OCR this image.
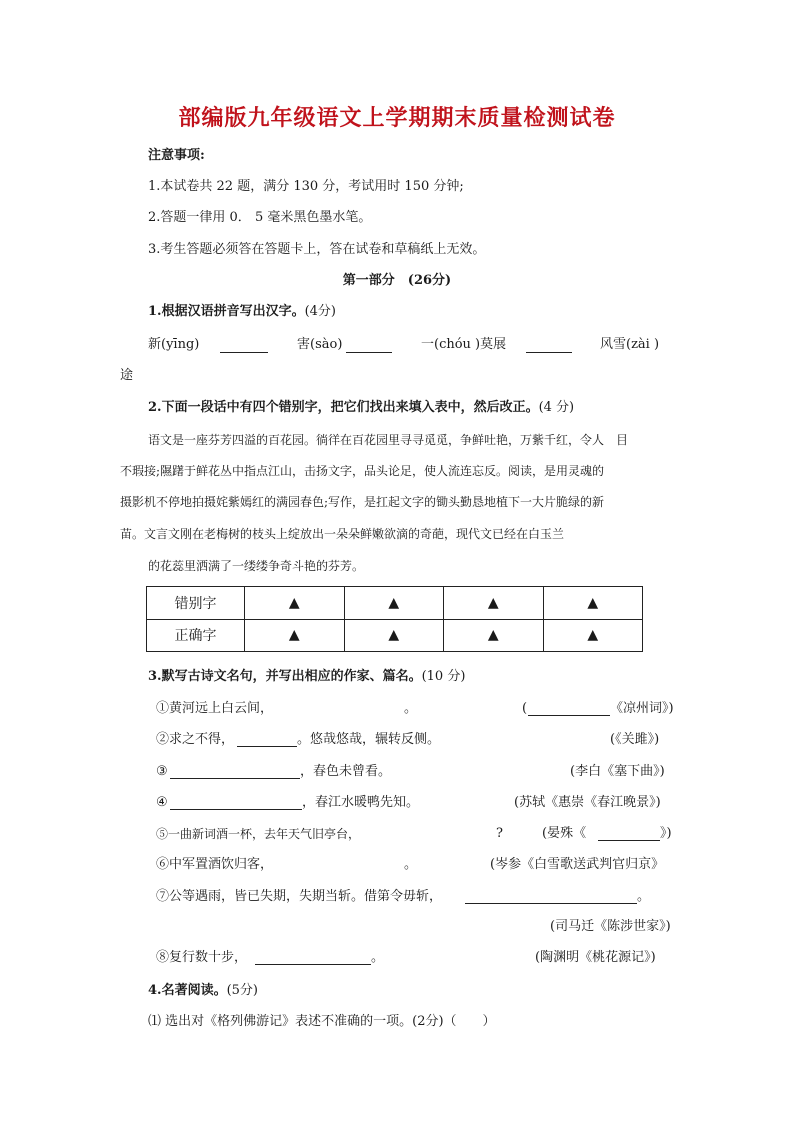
部编版九年级语文上学期期末质量检测试卷
注意事项:
1.本试卷共 22 题，满分 130 分，考试用时 150 分钟;
2.答题一律用 0． 5 毫米黑色墨水笔。
3.考生答题必须答在答题卡上，答在试卷和草稿纸上无效。
第一部分　(26分)
1.根据汉语拼音写出汉字。(4分)
新(yīng)	害(sào)	一(chóu )莫展	风雪(zài )
途
2.下面一段话中有四个错别字，把它们找出来填入表中，然后改正。(4 分)
语文是一座芬芳四溢的百花园。徜徉在百花园里寻寻觅觅，争鲜吐艳，万紫千红，令人　目
不瑕接;隰躇于鲜花丛中指点江山，击扬文字，品头论足，使人流连忘反。阅读，是用灵魂的
摄影机不停地拍摄姹紫嫣红的满园春色;写作，是扛起文字的锄头勤恳地植下一大片脆绿的新
苗。文言文刚在老梅树的枝头上绽放出一朵朵鲜嫩欲滴的奇葩，现代文已经在白玉兰
的花蕊里洒满了一缕缕争奇斗艳的芬芳。
错别字	▲	▲	▲	▲
正确字	▲	▲	▲	▲
3.默写古诗文名句，并写出相应的作家、篇名。(10 分)
①黄河远上白云间，	。	(	《凉州词》)
②求之不得，	。悠哉悠哉，辗转反侧。	(《关雎》)
③	，春色未曾看。	(李白《塞下曲》)
④	，春江水暖鸭先知。	(苏轼《惠崇《春江晚景》)
⑤一曲新词酒一杯，去年天气旧亭台，	?	(晏殊《	》)
⑥中军置酒饮归客，	。	(岑参《白雪歌送武判官归京》
⑦公等遇雨，皆已失期，失期当斩。借第令毋斩，	。
(司马迁《陈涉世家》)
⑧复行数十步，	。	(陶渊明《桃花源记》)
4.名著阅读。(5分)
⑴ 选出对《格列佛游记》表述不准确的一项。(2分)（　　）
